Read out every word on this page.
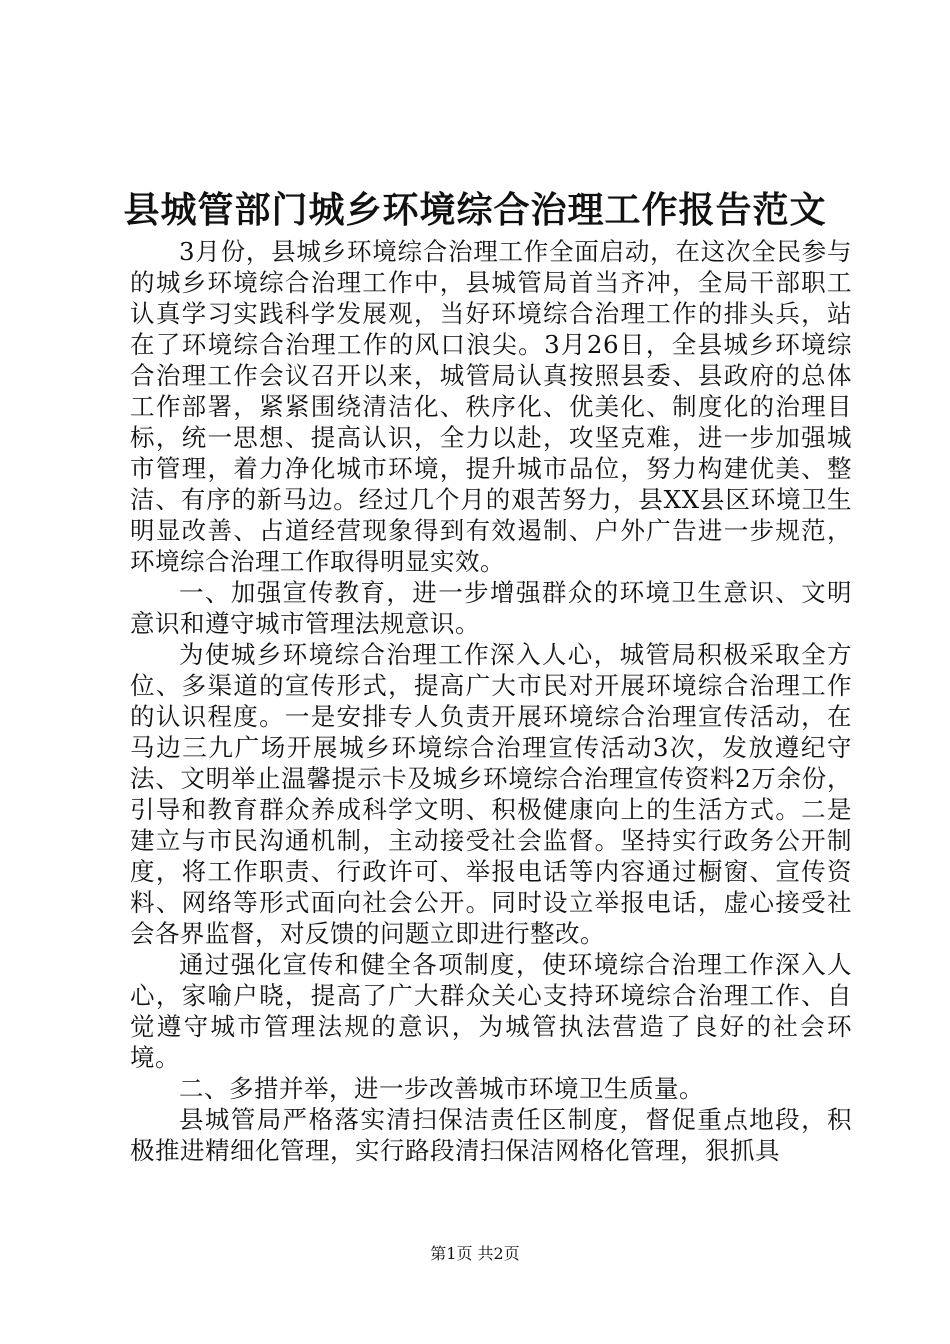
县城管部门城乡环境综合治理工作报告范文

3月份，县城乡环境综合治理工作全面启动，在这次全民参与的城乡环境综合治理工作中，县城管局首当齐冲，全局干部职工认真学习实践科学发展观，当好环境综合治理工作的排头兵，站在了环境综合治理工作的风口浪尖。3月26日，全县城乡环境综合治理工作会议召开以来，城管局认真按照县委、县政府的总体工作部署，紧紧围绕清洁化、秩序化、优美化、制度化的治理目标，统一思想、提高认识，全力以赴，攻坚克难，进一步加强城市管理，着力净化城市环境，提升城市品位，努力构建优美、整洁、有序的新马边。经过几个月的艰苦努力，县XX县区环境卫生明显改善、占道经营现象得到有效遏制、户外广告进一步规范，环境综合治理工作取得明显实效。

一、加强宣传教育，进一步增强群众的环境卫生意识、文明意识和遵守城市管理法规意识。

为使城乡环境综合治理工作深入人心，城管局积极采取全方位、多渠道的宣传形式，提高广大市民对开展环境综合治理工作的认识程度。一是安排专人负责开展环境综合治理宣传活动，在马边三九广场开展城乡环境综合治理宣传活动3次，发放遵纪守法、文明举止温馨提示卡及城乡环境综合治理宣传资料2万余份，引导和教育群众养成科学文明、积极健康向上的生活方式。二是建立与市民沟通机制，主动接受社会监督。坚持实行政务公开制度，将工作职责、行政许可、举报电话等内容通过橱窗、宣传资料、网络等形式面向社会公开。同时设立举报电话，虚心接受社会各界监督，对反馈的问题立即进行整改。

通过强化宣传和健全各项制度，使环境综合治理工作深入人心，家喻户晓，提高了广大群众关心支持环境综合治理工作、自觉遵守城市管理法规的意识，为城管执法营造了良好的社会环境。

二、多措并举，进一步改善城市环境卫生质量。

县城管局严格落实清扫保洁责任区制度，督促重点地段，积极推进精细化管理，实行路段清扫保洁网格化管理，狠抓具

第1页 共2页
